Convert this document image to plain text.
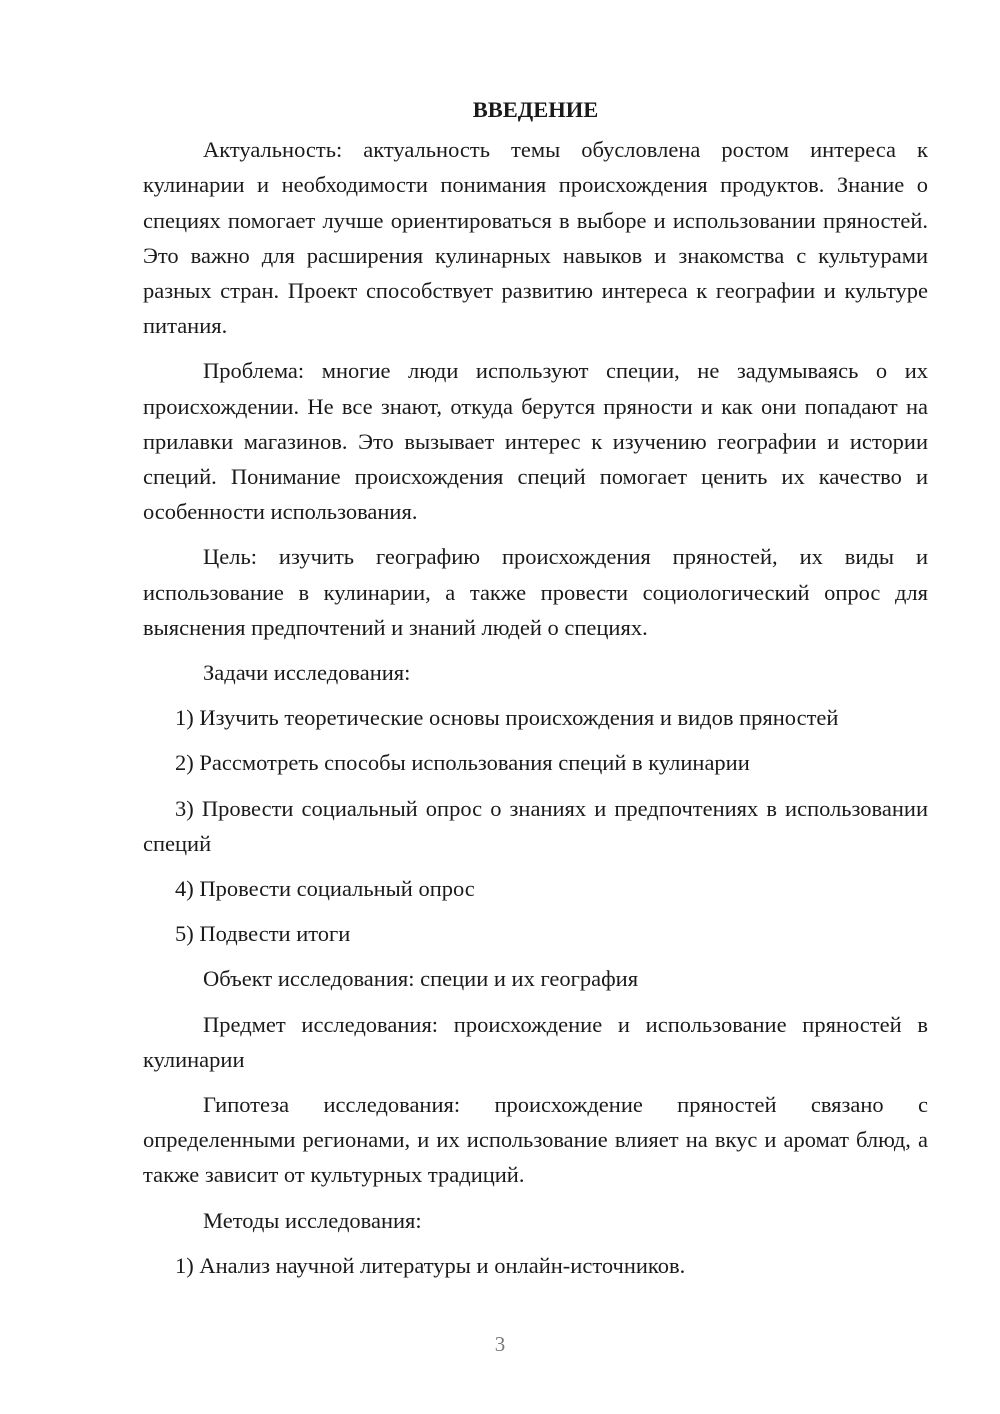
ВВЕДЕНИЕ

Актуальность: актуальность темы обусловлена ростом интереса к кулинарии и необходимости понимания происхождения продуктов. Знание о специях помогает лучше ориентироваться в выборе и использовании пряностей. Это важно для расширения кулинарных навыков и знакомства с культурами разных стран. Проект способствует развитию интереса к географии и культуре питания.

Проблема: многие люди используют специи, не задумываясь о их происхождении. Не все знают, откуда берутся пряности и как они попадают на прилавки магазинов. Это вызывает интерес к изучению географии и истории специй. Понимание происхождения специй помогает ценить их качество и особенности использования.

Цель: изучить географию происхождения пряностей, их виды и использование в кулинарии, а также провести социологический опрос для выяснения предпочтений и знаний людей о специях.

Задачи исследования:

1) Изучить теоретические основы происхождения и видов пряностей

2) Рассмотреть способы использования специй в кулинарии

3) Провести социальный опрос о знаниях и предпочтениях в использовании специй

4) Провести социальный опрос

5) Подвести итоги

Объект исследования: специи и их география

Предмет исследования: происхождение и использование пряностей в кулинарии

Гипотеза исследования: происхождение пряностей связано с определенными регионами, и их использование влияет на вкус и аромат блюд, а также зависит от культурных традиций.

Методы исследования:

1) Анализ научной литературы и онлайн-источников.

3
